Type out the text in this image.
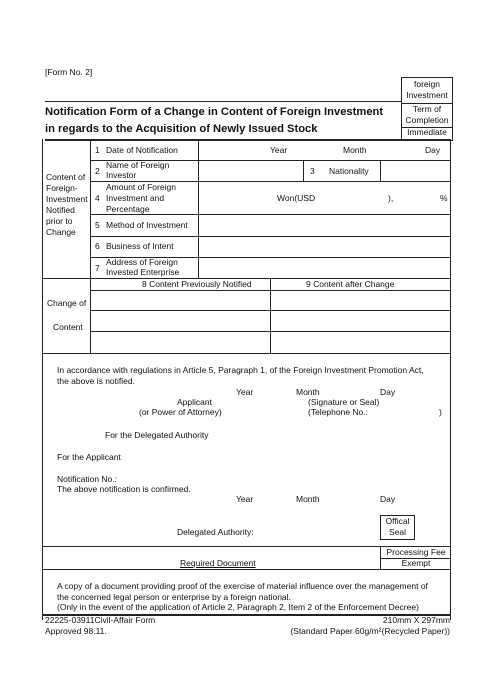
[Form No. 2]
foreign
Investment
Term of
Completion
Immediate
Notification Form of a Change in Content of Foreign Investment
in regards to the Acquisition of Newly Issued Stock
Content of
Foreign-
Investment
Notified
prior to
Change
1 Date of Notification	Year	Month	Day
2
Name of Foreign
Investor	3 Nationality
4
Amount of Foreign
Investment and
Percentage
Won(USD	),	%
5 Method of Investment
6 Business of Intent
7
Address of Foreign
Invested Enterprise
Change of
Content
8 Content Previously Notified	9 Content after Change
In accordance with regulations in Article 5, Paragraph 1, of the Foreign Investment Promotion Act,
the above is notified.
Year	Month	Day
Applicant
(or Power of Attorney)
(Signature or Seal)
(Telephone No.:	)
For the Delegated Authority
For the Applicant
Notification No.:
The above notification is confirmed.
Year	Month	Day
Delegated Authority:
Offical
Seal
Processing Fee
Exempt
Required Document
A copy of a document providing proof of the exercise of material influence over the management of
the concerned legal person or enterprise by a foreign national.
(Only in the event of the application of Article 2, Paragraph 2, Item 2 of the Enforcement Decree)
22225-03911Civil-Affair Form
Approved 98.11.
210mm X 297mm
(Standard Paper 60g/m²(Recycled Paper))
